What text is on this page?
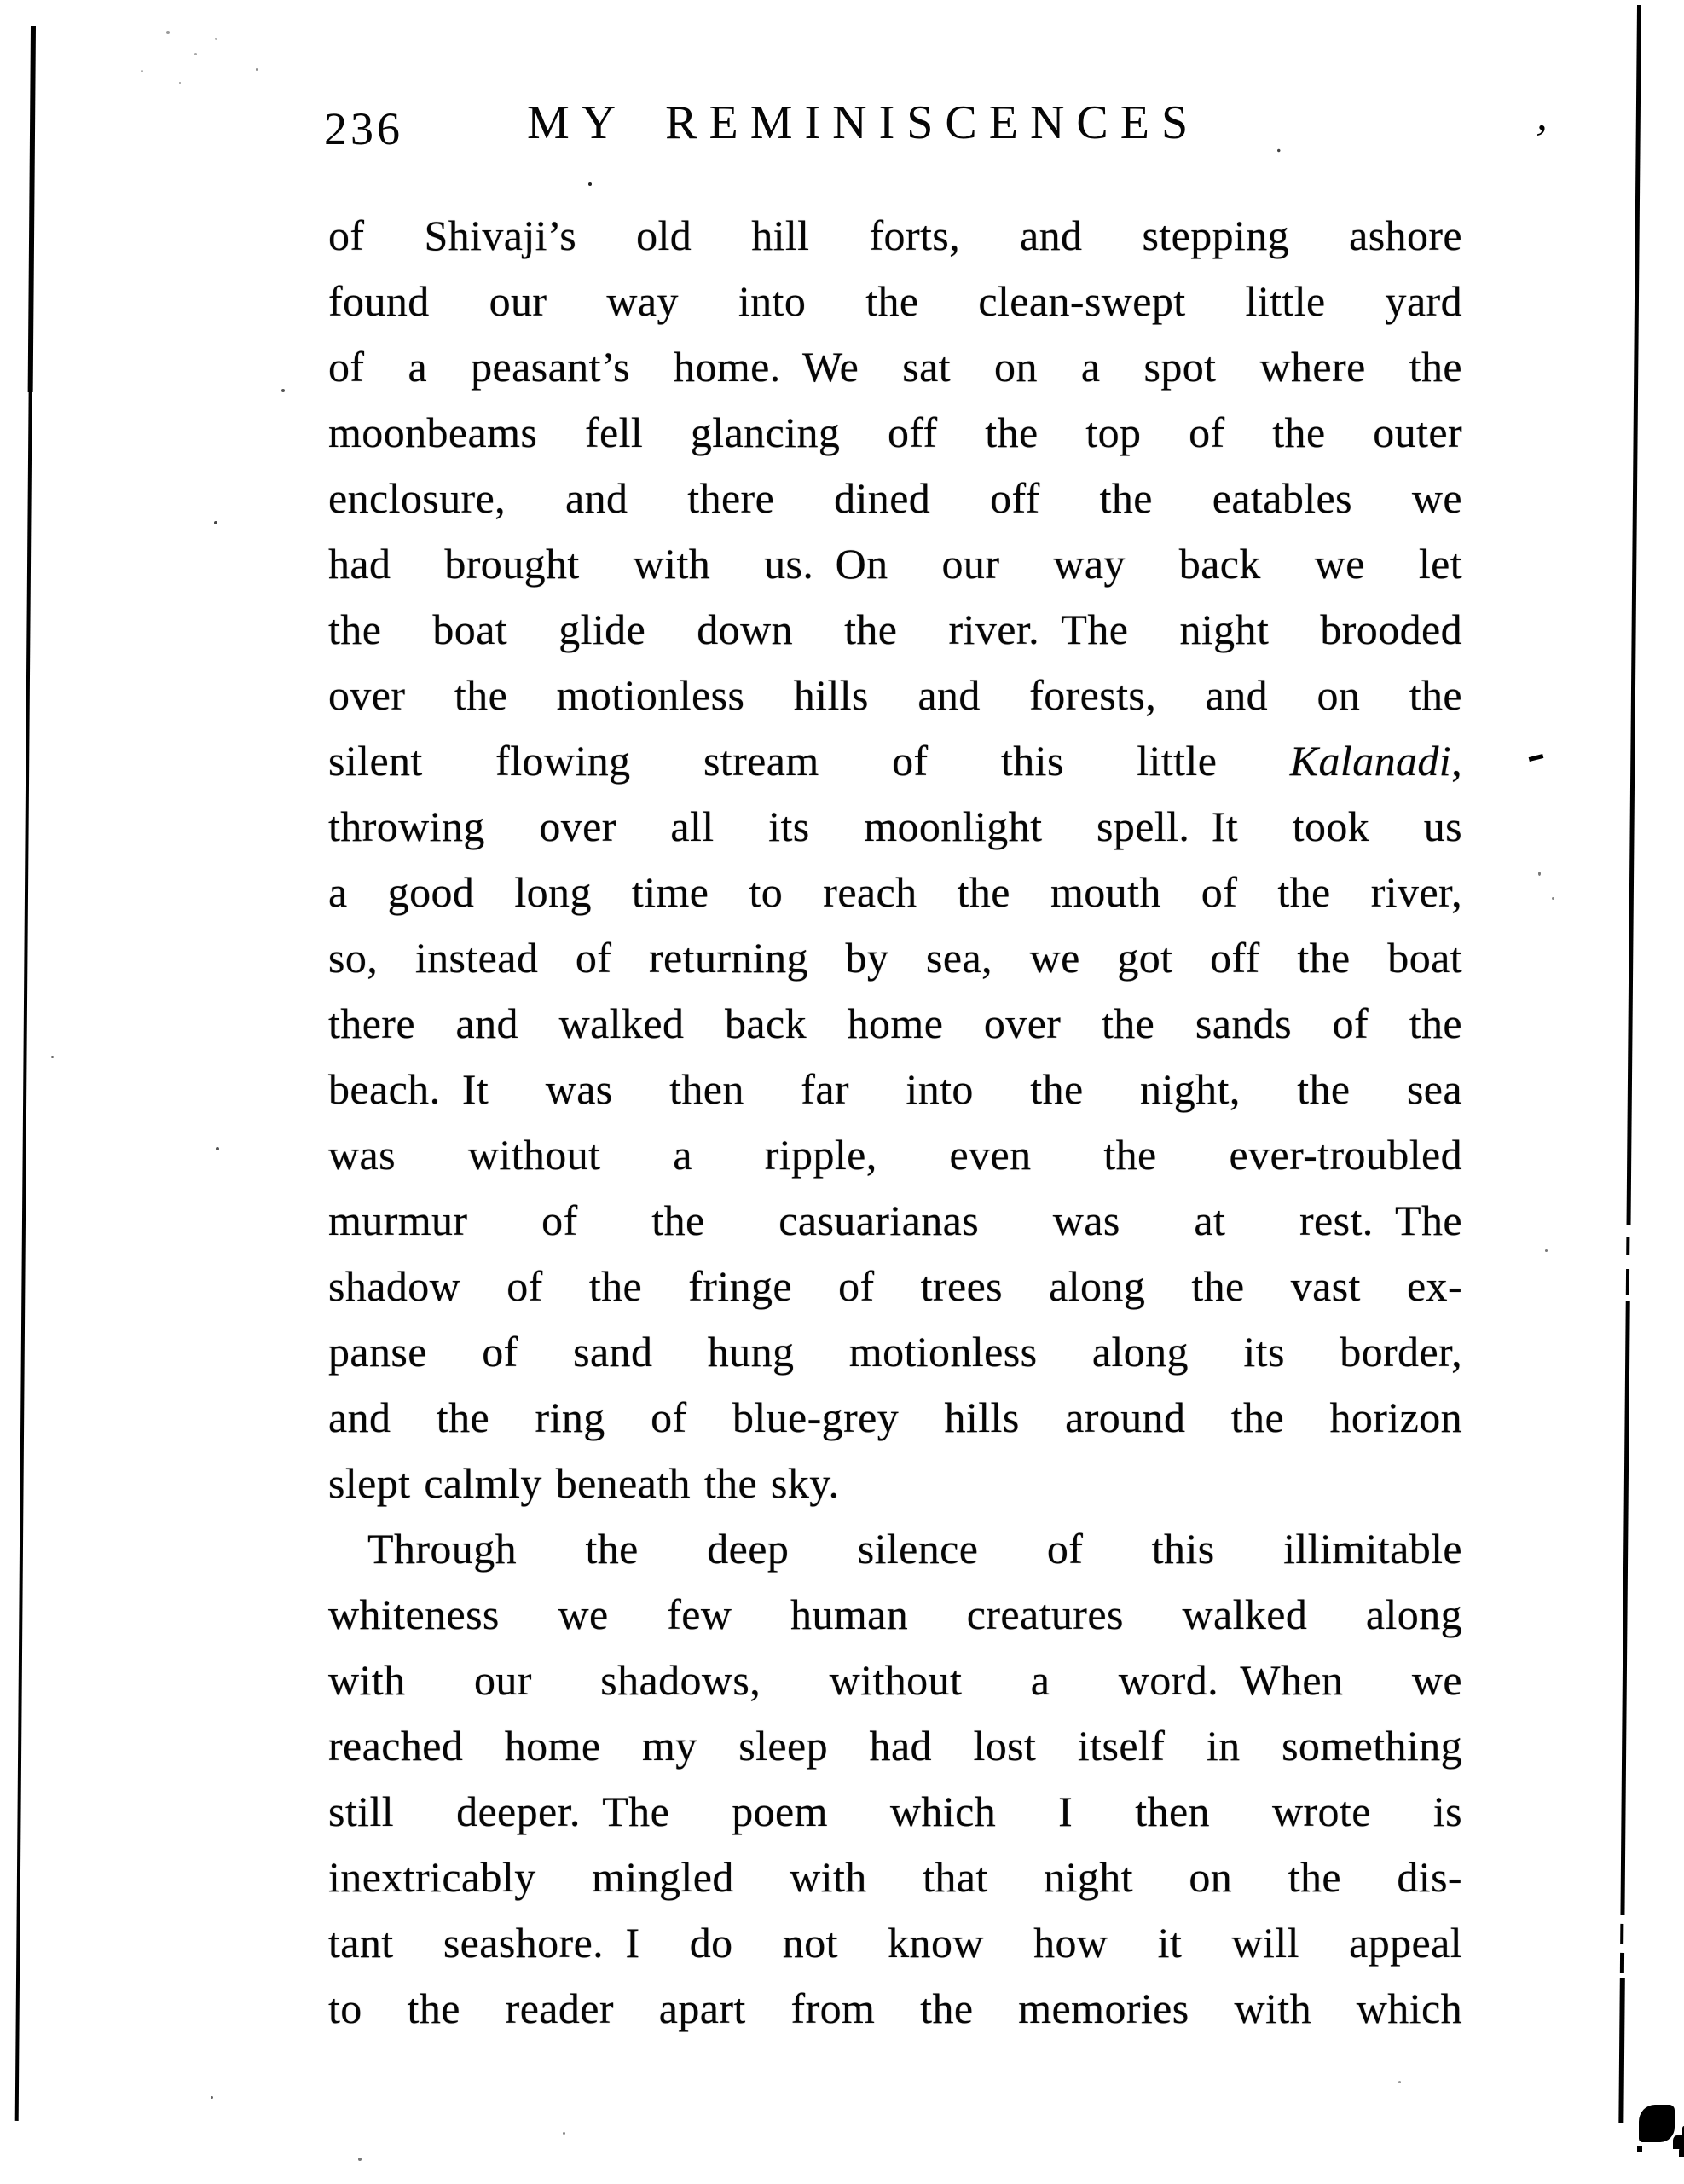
236	MY REMINISCENCES	.	’
of Shivaji’s old hill forts, and stepping ashore
found our way into the clean-swept little yard
of a peasant’s home. We sat on a spot where the
moonbeams fell glancing off the top of the outer
enclosure, and there dined off the eatables we
had brought with us. On our way back we let
the boat glide down the river. The night brooded
over the motionless hills and forests, and on the
silent flowing stream of this little Kalanadi,
throwing over all its moonlight spell. It took us
a good long time to reach the mouth of the river,
so, instead of returning by sea, we got off the boat
there and walked back home over the sands of the
beach. It was then far into the night, the sea
was without a ripple, even the ever-troubled
murmur of the casuarianas was at rest. The
shadow of the fringe of trees along the vast ex-
panse of sand hung motionless along its border,
and the ring of blue-grey hills around the horizon
slept calmly beneath the sky.
Through the deep silence of this illimitable
whiteness we few human creatures walked along
with our shadows, without a word. When we
reached home my sleep had lost itself in something
still deeper. The poem which I then wrote is
inextricably mingled with that night on the dis-
tant seashore. I do not know how it will appeal
to the reader apart from the memories with which
